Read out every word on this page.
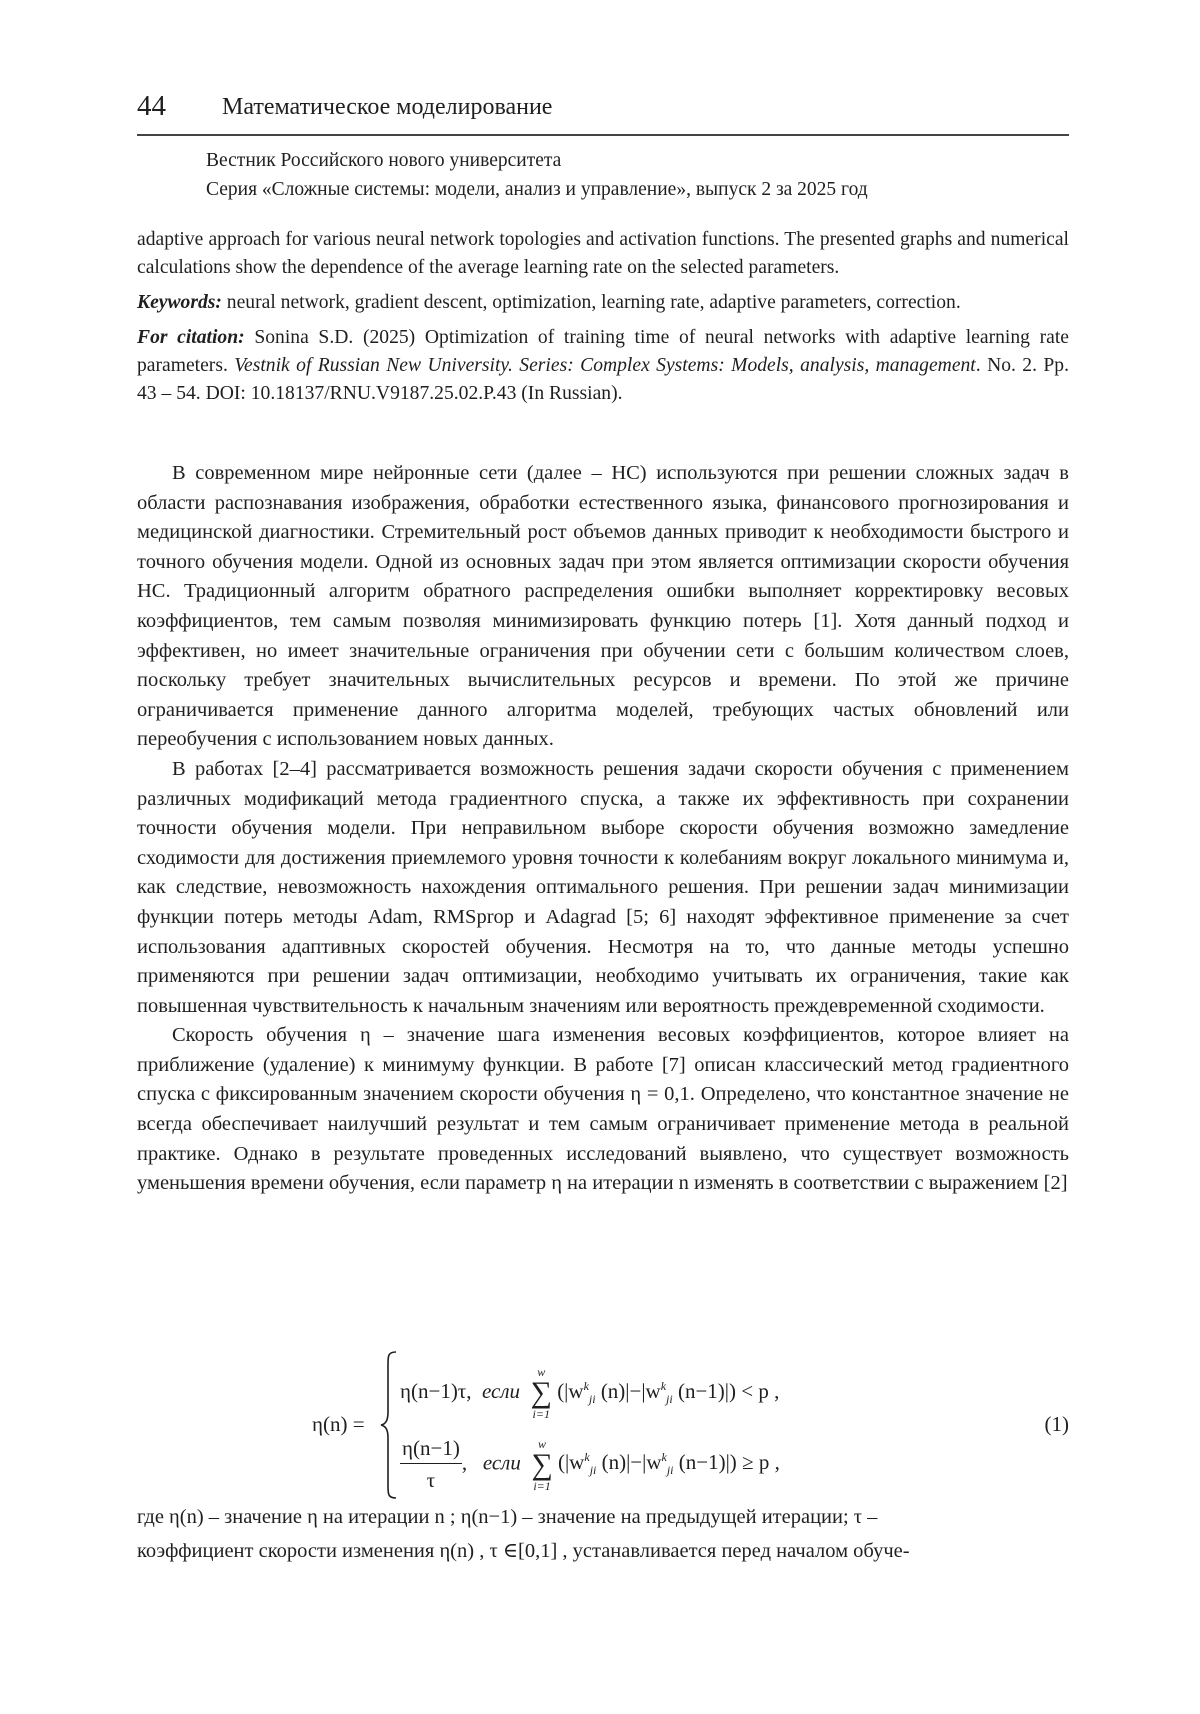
44 Математическое моделирование
Вестник Российского нового университета
Серия «Сложные системы: модели, анализ и управление», выпуск 2 за 2025 год

adaptive approach for various neural network topologies and activation functions. The presented graphs and numerical calculations show the dependence of the average learning rate on the selected parameters.

Keywords: neural network, gradient descent, optimization, learning rate, adaptive parameters, correction.

For citation: Sonina S.D. (2025) Optimization of training time of neural networks with adaptive learning rate parameters. Vestnik of Russian New University. Series: Complex Systems: Models, analysis, management. No. 2. Pp. 43 – 54. DOI: 10.18137/RNU.V9187.25.02.P.43 (In Russian).

В современном мире нейронные сети (далее – НС) используются при решении сложных задач в области распознавания изображения, обработки естественного языка, финансового прогнозирования и медицинской диагностики. Стремительный рост объемов данных приводит к необходимости быстрого и точного обучения модели. Одной из основных задач при этом является оптимизации скорости обучения НС. Традиционный алгоритм обратного распределения ошибки выполняет корректировку весовых коэффициентов, тем самым позволяя минимизировать функцию потерь [1]. Хотя данный подход и эффективен, но имеет значительные ограничения при обучении сети с большим количеством слоев, поскольку требует значительных вычислительных ресурсов и времени. По этой же причине ограничивается применение данного алгоритма моделей, требующих частых обновлений или переобучения с использованием новых данных.

В работах [2–4] рассматривается возможность решения задачи скорости обучения с применением различных модификаций метода градиентного спуска, а также их эффективность при сохранении точности обучения модели. При неправильном выборе скорости обучения возможно замедление сходимости для достижения приемлемого уровня точности к колебаниям вокруг локального минимума и, как следствие, невозможность нахождения оптимального решения. При решении задач минимизации функции потерь методы Adam, RMSprop и Adagrad [5; 6] находят эффективное применение за счет использования адаптивных скоростей обучения. Несмотря на то, что данные методы успешно применяются при решении задач оптимизации, необходимо учитывать их ограничения, такие как повышенная чувствительность к начальным значениям или вероятность преждевременной сходимости.

Скорость обучения η – значение шага изменения весовых коэффициентов, которое влияет на приближение (удаление) к минимуму функции. В работе [7] описан классический метод градиентного спуска с фиксированным значением скорости обучения η = 0,1. Определено, что константное значение не всегда обеспечивает наилучший результат и тем самым ограничивает применение метода в реальной практике. Однако в результате проведенных исследований выявлено, что существует возможность уменьшения времени обучения, если параметр η на итерации n изменять в соответствии с выражением [2]

η(n) =
η(n−1)τ, если
w
∑
i=1
($|w^k_{ji}$ $(n)|-|w^k_{ji}$ (n−1)|) < p ,
$\frac{\eta(n-1)}{\tau}$ ,   если
w
∑
i=1
($|w^k_{ji}$ $(n)|-|w^k_{ji}$ (n−1)|) ≥ p ,
(1)

где η(n) – значение η на итерации n ; η(n−1) – значение на предыдущей итерации; τ –

коэффициент скорости изменения η(n) , τ ∈[0,1] , устанавливается перед началом обуче-
